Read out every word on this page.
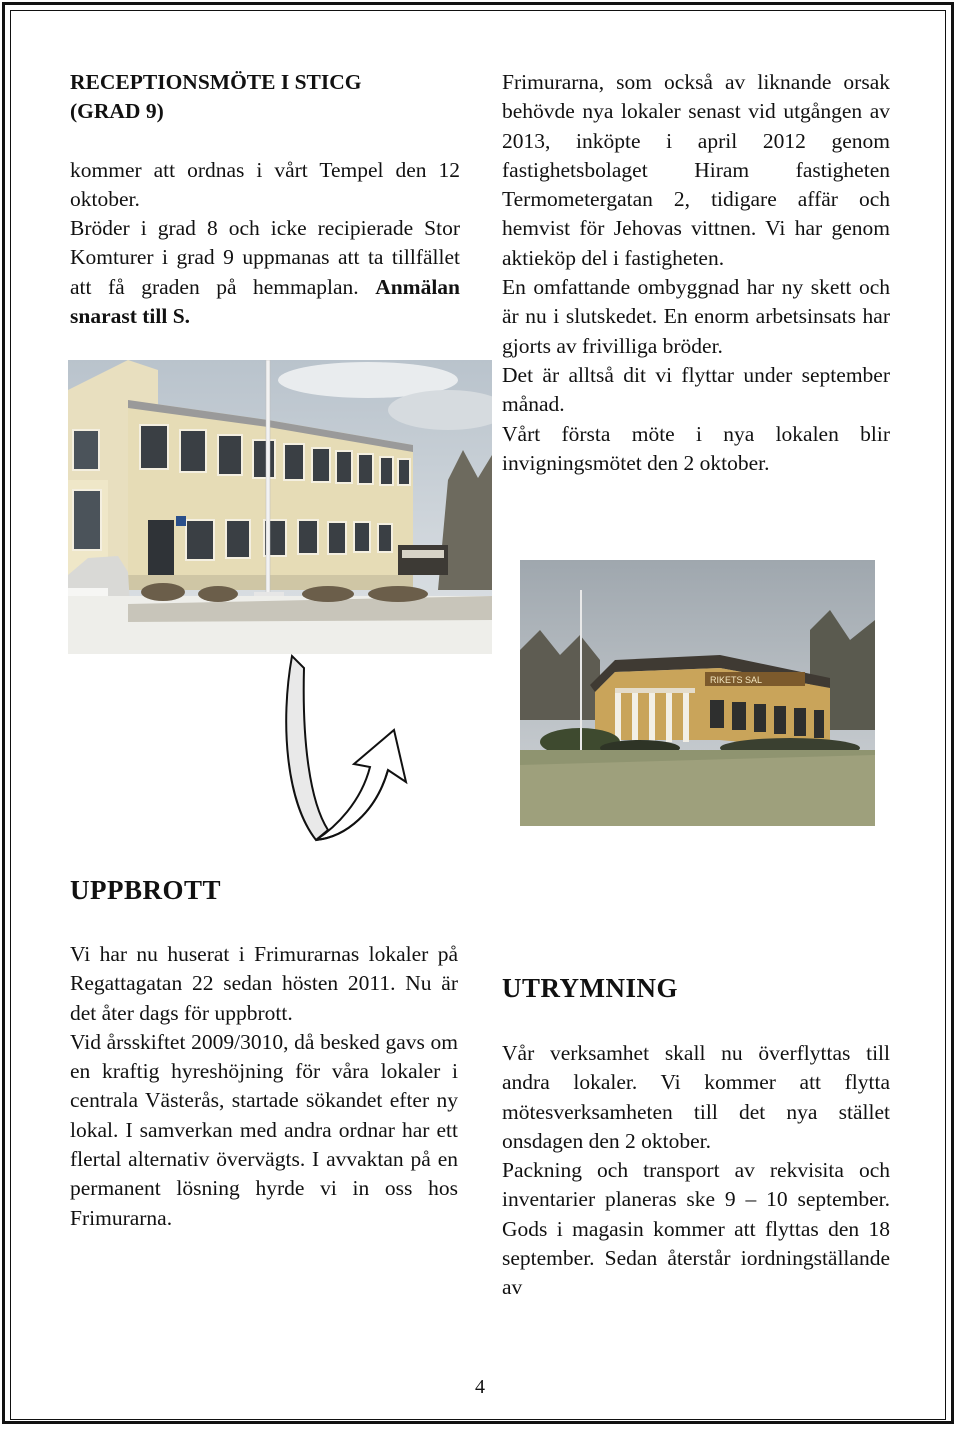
RECEPTIONSMÖTE I STICG
(GRAD 9)

kommer att ordnas i vårt Tempel den 12 oktober.

Bröder i grad 8 och icke recipierade Stor Komturer i grad 9 uppmanas att ta tillfället att få graden på hemmaplan. Anmälan snarast till S.

Frimurarna, som också av liknande orsak behövde nya lokaler senast vid utgången av 2013, inköpte i april 2012 genom fastighetsbolaget Hiram fastigheten Termometergatan 2, tidigare affär och hemvist för Jehovas vittnen. Vi har genom aktieköp del i fastigheten.

En omfattande ombyggnad har ny skett och är nu i slutskedet. En enorm arbetsinsats har gjorts av frivilliga bröder.

Det är alltså dit vi flyttar under september månad.

Vårt första möte i nya lokalen blir invigningsmötet den 2 oktober.

RIKETS SAL
UPPBROTT

Vi har nu huserat i Frimurarnas lokaler på Regattagatan 22 sedan hösten 2011. Nu är det åter dags för uppbrott.

Vid årsskiftet 2009/3010, då besked gavs om en kraftig hyreshöjning för våra lokaler i centrala Västerås, startade sökandet efter ny lokal. I samverkan med andra ordnar har ett flertal alternativ övervägts. I avvaktan på en permanent lösning hyrde vi in oss hos Frimurarna.

UTRYMNING

Vår verksamhet skall nu överflyttas till andra lokaler. Vi kommer att flytta mötesverksamheten till det nya stället onsdagen den 2 oktober.

Packning och transport av rekvisita och inventarier planeras ske 9 – 10 september. Gods i magasin kommer att flyttas den 18 september. Sedan återstår iordningställande av

4
